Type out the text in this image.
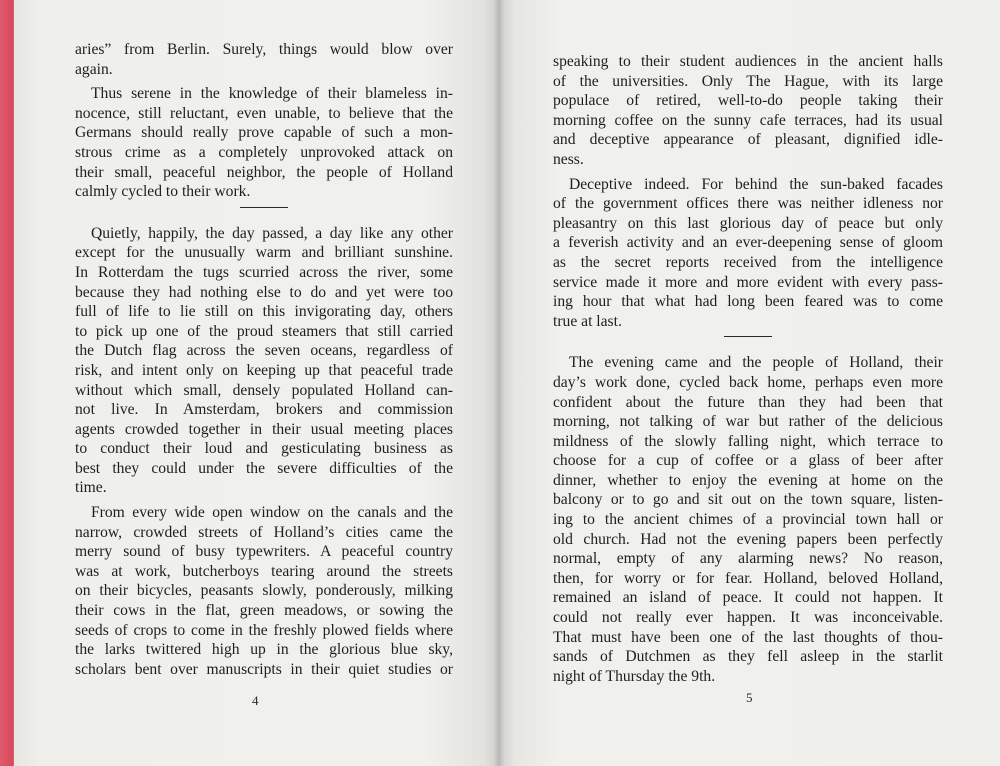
aries” from Berlin. Surely, things would blow over
again.
Thus serene in the knowledge of their blameless in-
nocence, still reluctant, even unable, to believe that the
Germans should really prove capable of such a mon-
strous crime as a completely unprovoked attack on
their small, peaceful neighbor, the people of Holland
calmly cycled to their work.
Quietly, happily, the day passed, a day like any other
except for the unusually warm and brilliant sunshine.
In Rotterdam the tugs scurried across the river, some
because they had nothing else to do and yet were too
full of life to lie still on this invigorating day, others
to pick up one of the proud steamers that still carried
the Dutch flag across the seven oceans, regardless of
risk, and intent only on keeping up that peaceful trade
without which small, densely populated Holland can-
not live. In Amsterdam, brokers and commission
agents crowded together in their usual meeting places
to conduct their loud and gesticulating business as
best they could under the severe difficulties of the
time.
From every wide open window on the canals and the
narrow, crowded streets of Holland’s cities came the
merry sound of busy typewriters. A peaceful country
was at work, butcherboys tearing around the streets
on their bicycles, peasants slowly, ponderously, milking
their cows in the flat, green meadows, or sowing the
seeds of crops to come in the freshly plowed fields where
the larks twittered high up in the glorious blue sky,
scholars bent over manuscripts in their quiet studies or
4
speaking to their student audiences in the ancient halls
of the universities. Only The Hague, with its large
populace of retired, well-to-do people taking their
morning coffee on the sunny cafe terraces, had its usual
and deceptive appearance of pleasant, dignified idle-
ness.
Deceptive indeed. For behind the sun-baked facades
of the government offices there was neither idleness nor
pleasantry on this last glorious day of peace but only
a feverish activity and an ever-deepening sense of gloom
as the secret reports received from the intelligence
service made it more and more evident with every pass-
ing hour that what had long been feared was to come
true at last.
The evening came and the people of Holland, their
day’s work done, cycled back home, perhaps even more
confident about the future than they had been that
morning, not talking of war but rather of the delicious
mildness of the slowly falling night, which terrace to
choose for a cup of coffee or a glass of beer after
dinner, whether to enjoy the evening at home on the
balcony or to go and sit out on the town square, listen-
ing to the ancient chimes of a provincial town hall or
old church. Had not the evening papers been perfectly
normal, empty of any alarming news? No reason,
then, for worry or for fear. Holland, beloved Holland,
remained an island of peace. It could not happen. It
could not really ever happen. It was inconceivable.
That must have been one of the last thoughts of thou-
sands of Dutchmen as they fell asleep in the starlit
night of Thursday the 9th.
5
